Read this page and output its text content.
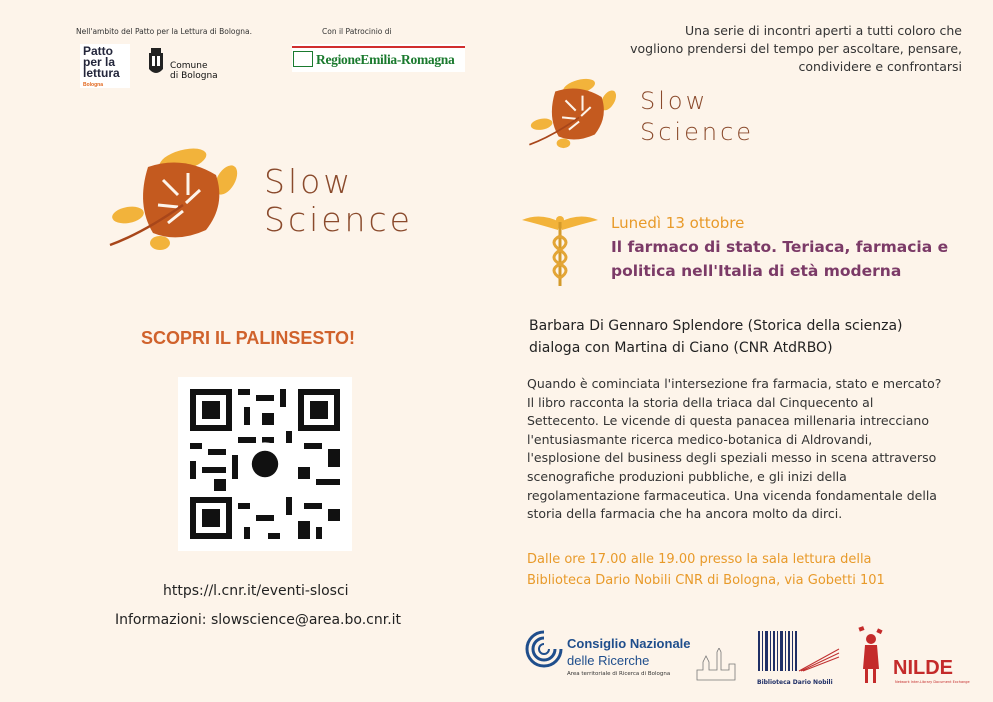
Nell'ambito del Patto per la Lettura di Bologna.	Con il Patrocinio di
Patto
per la
lettura
Bologna
Comune
di Bologna
RegioneEmilia-Romagna
Una serie di incontri aperti a tutti coloro che
vogliono prendersi del tempo per ascoltare, pensare,
condividere e confrontarsi
Slow
Science
Slow
Science
SCOPRI IL PALINSESTO!
https://l.cnr.it/eventi-slosci
Informazioni: slowscience@area.bo.cnr.it
Lunedì 13 ottobre
Il farmaco di stato. Teriaca, farmacia e
politica nell'Italia di età moderna
Barbara Di Gennaro Splendore (Storica della scienza)
dialoga con Martina di Ciano (CNR AtdRBO)
Quando è cominciata l'intersezione fra farmacia, stato e mercato?
Il libro racconta la storia della triaca dal Cinquecento al
Settecento. Le vicende di questa panacea millenaria intrecciano
l'entusiasmante ricerca medico-botanica di Aldrovandi,
l'esplosione del business degli speziali messo in scena attraverso
scenografiche produzioni pubbliche, e gli inizi della
regolamentazione farmaceutica. Una vicenda fondamentale della
storia della farmacia che ha ancora molto da dirci.
Dalle ore 17.00 alle 19.00 presso la sala lettura della
Biblioteca Dario Nobili CNR di Bologna, via Gobetti 101
Consiglio Nazionale
delle Ricerche
Area territoriale di Ricerca di Bologna
Biblioteca Dario Nobili
NILDE
Network Inter-Library Document Exchange
